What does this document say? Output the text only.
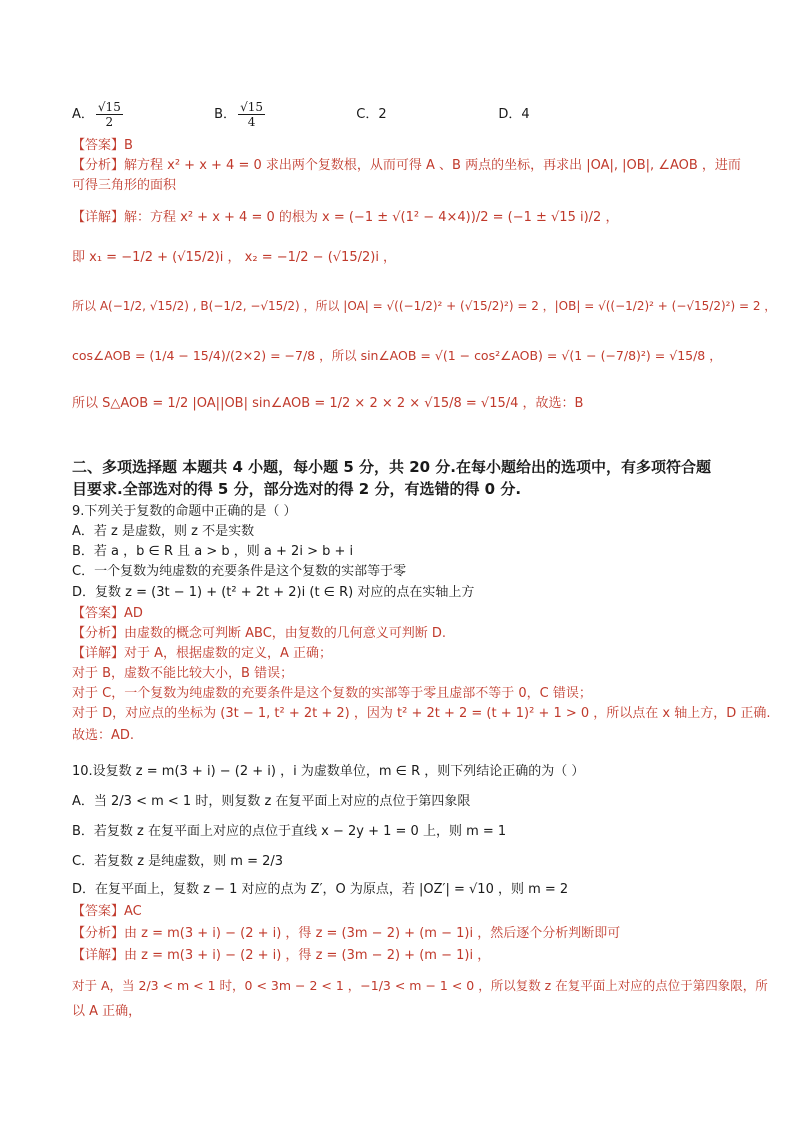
A． $\frac{√15}{2}$	B． $\frac{√15}{4}$	C．2	D．4
【答案】B
【分析】解方程 x² + x + 4 = 0 求出两个复数根，从而可得 A 、B 两点的坐标，再求出 |OA|, |OB|, ∠AOB ，进而
可得三角形的面积
【详解】解：方程 x² + x + 4 = 0 的根为 x = (−1 ± √(1² − 4×4))/2 = (−1 ± √15 i)/2 ，
即 x₁ = −1/2 + (√15/2)i ， x₂ = −1/2 − (√15/2)i ，
所以 A(−1/2, √15/2) , B(−1/2, −√15/2) ，所以 |OA| = √((−1/2)² + (√15/2)²) = 2 ，|OB| = √((−1/2)² + (−√15/2)²) = 2 ，
cos∠AOB = (1/4 − 15/4)/(2×2) = −7/8 ，所以 sin∠AOB = √(1 − cos²∠AOB) = √(1 − (−7/8)²) = √15/8 ，
所以 S△AOB = 1/2 |OA||OB| sin∠AOB = 1/2 × 2 × 2 × √15/8 = √15/4 ，故选：B
二、多项选择题 本题共 4 小题，每小题 5 分，共 20 分.在每小题给出的选项中，有多项符合题目要求.全部选对的得 5 分，部分选对的得 2 分，有选错的得 0 分.
9.下列关于复数的命题中正确的是（ ）
A．若 z 是虚数，则 z 不是实数
B．若 a ，b ∈ R 且 a > b ，则 a + 2i > b + i
C．一个复数为纯虚数的充要条件是这个复数的实部等于零
D．复数 z = (3t − 1) + (t² + 2t + 2)i (t ∈ R) 对应的点在实轴上方
【答案】AD
【分析】由虚数的概念可判断 ABC，由复数的几何意义可判断 D.
【详解】对于 A，根据虚数的定义，A 正确；
对于 B，虚数不能比较大小，B 错误；
对于 C，一个复数为纯虚数的充要条件是这个复数的实部等于零且虚部不等于 0，C 错误；
对于 D，对应点的坐标为 (3t − 1, t² + 2t + 2) ，因为 t² + 2t + 2 = (t + 1)² + 1 > 0 ，所以点在 x 轴上方，D 正确.
故选：AD.
10.设复数 z = m(3 + i) − (2 + i) ，i 为虚数单位，m ∈ R ，则下列结论正确的为（ ）
A．当 2/3 < m < 1 时，则复数 z 在复平面上对应的点位于第四象限
B．若复数 z 在复平面上对应的点位于直线 x − 2y + 1 = 0 上，则 m = 1
C．若复数 z 是纯虚数，则 m = 2/3
D．在复平面上，复数 z − 1 对应的点为 Z′，O 为原点，若 |OZ′| = √10 ，则 m = 2
【答案】AC
【分析】由 z = m(3 + i) − (2 + i) ，得 z = (3m − 2) + (m − 1)i ，然后逐个分析判断即可
【详解】由 z = m(3 + i) − (2 + i) ，得 z = (3m − 2) + (m − 1)i ，
对于 A，当 2/3 < m < 1 时，0 < 3m − 2 < 1 ，−1/3 < m − 1 < 0 ，所以复数 z 在复平面上对应的点位于第四象限，所
以 A 正确，
